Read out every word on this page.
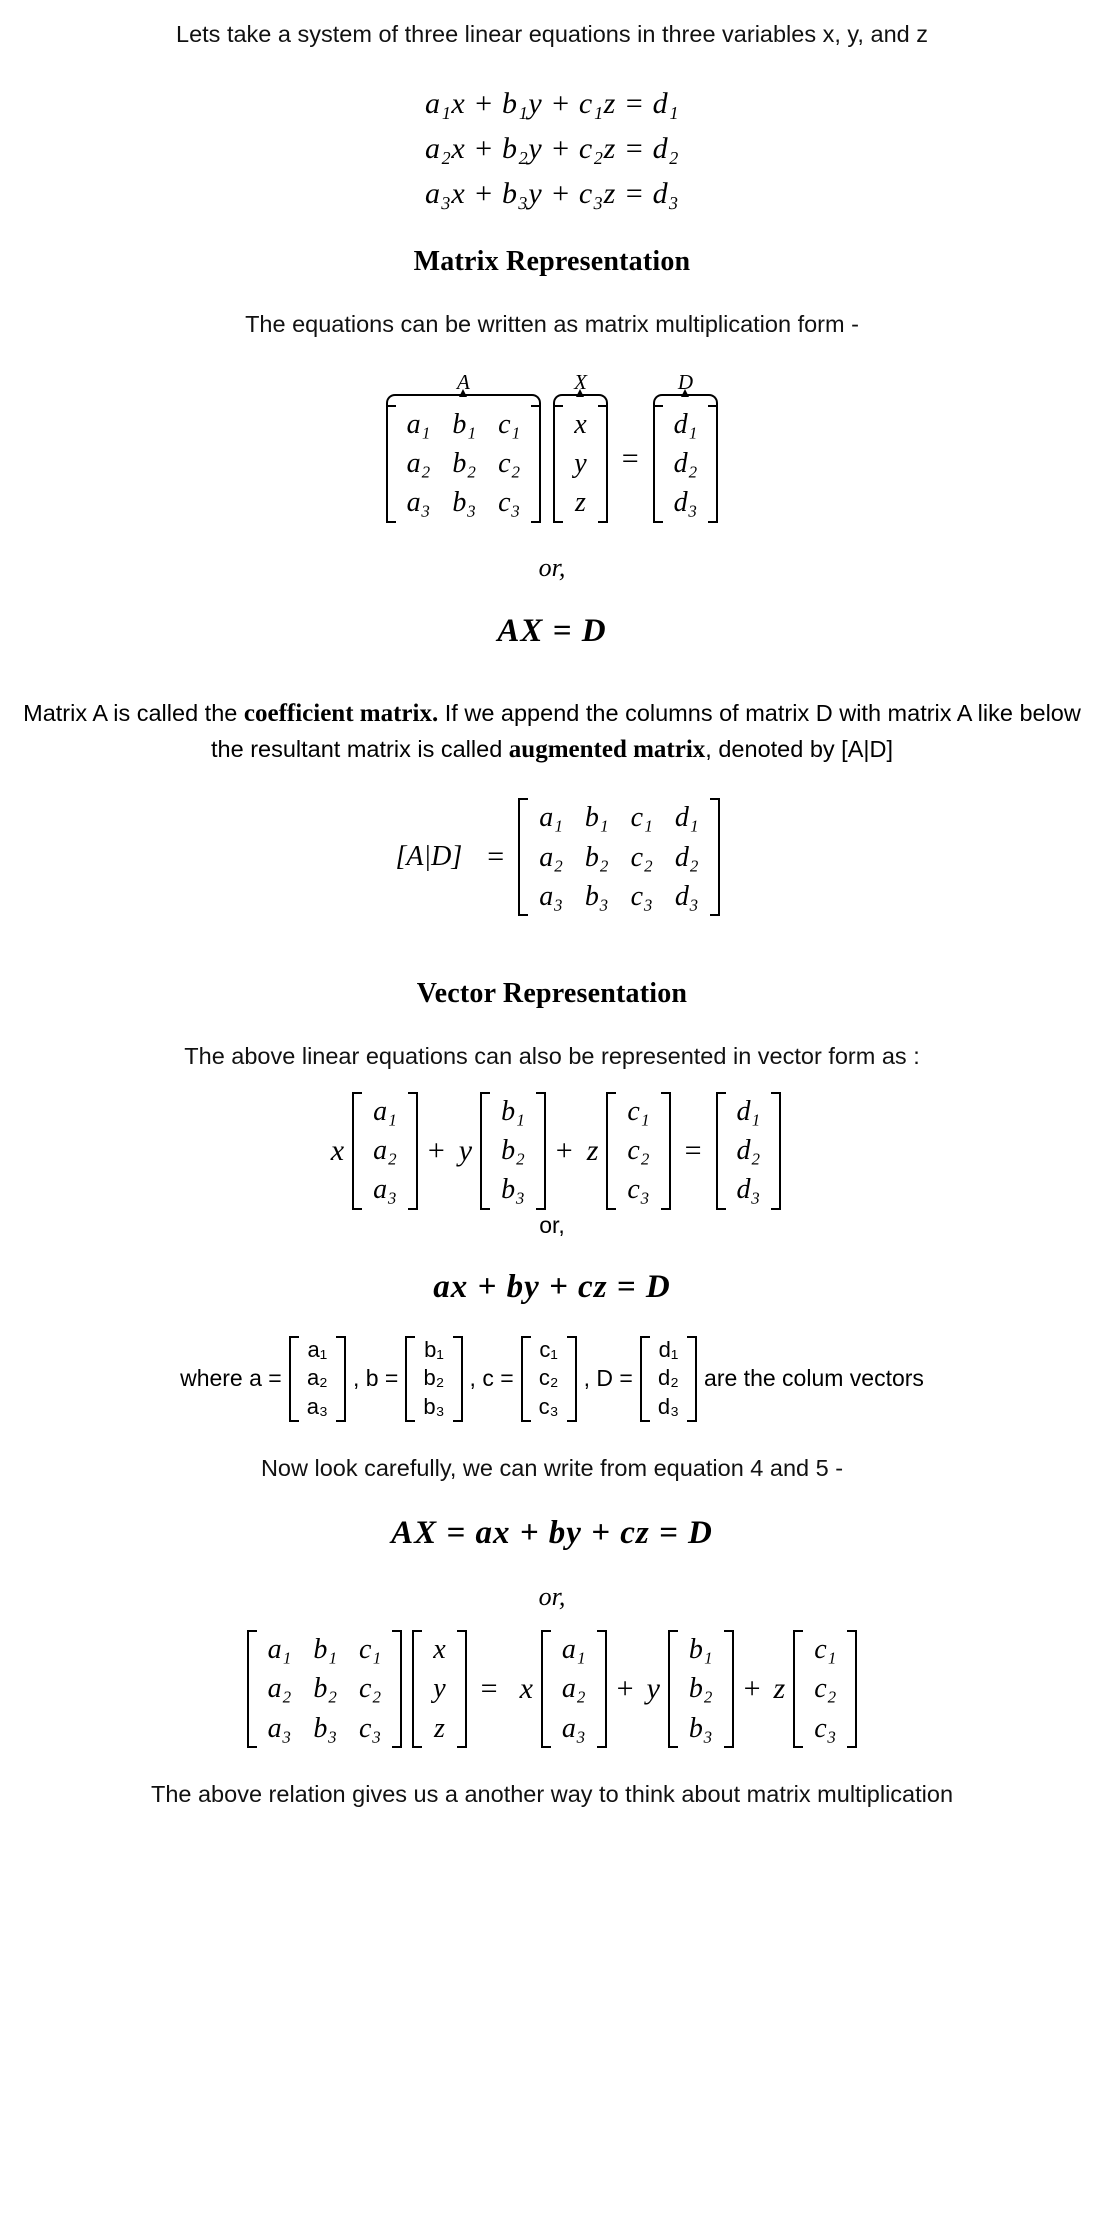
Lets take a system of three linear equations in three variables x, y, and z
a₁x + b₁y + c₁z = d₁
a₂x + b₂y + c₂z = d₂
a₃x + b₃y + c₃z = d₃
Matrix Representation
The equations can be written as matrix multiplication form -
A
a₁	b₁	c₁
a₂	b₂	c₂
a₃	b₃	c₃
X
x
y
z
=
D
d₁
d₂
d₃
or,
AX = D
Matrix A is called the coefficient matrix. If we append the columns of matrix D with matrix A like below the resultant matrix is called augmented matrix, denoted by [A|D]
[A|D] =
a₁	b₁	c₁	d₁
a₂	b₂	c₂	d₂
a₃	b₃	c₃	d₃
Vector Representation
The above linear equations can also be represented in vector form as :
x
a₁
a₂
a₃
+ y
b₁
b₂
b₃
+ z
c₁
c₂
c₃
=
d₁
d₂
d₃
or,
ax + by + cz = D
where a =
a₁
a₂
a₃
, b =
b₁
b₂
b₃
, c =
c₁
c₂
c₃
, D =
d₁
d₂
d₃
are the colum vectors
Now look carefully, we can write from equation 4 and 5 -
AX = ax + by + cz = D
or,
a₁	b₁	c₁
a₂	b₂	c₂
a₃	b₃	c₃
x
y
z
= x
a₁
a₂
a₃
+ y
b₁
b₂
b₃
+ z
c₁
c₂
c₃
The above relation gives us a another way to think about matrix multiplication
